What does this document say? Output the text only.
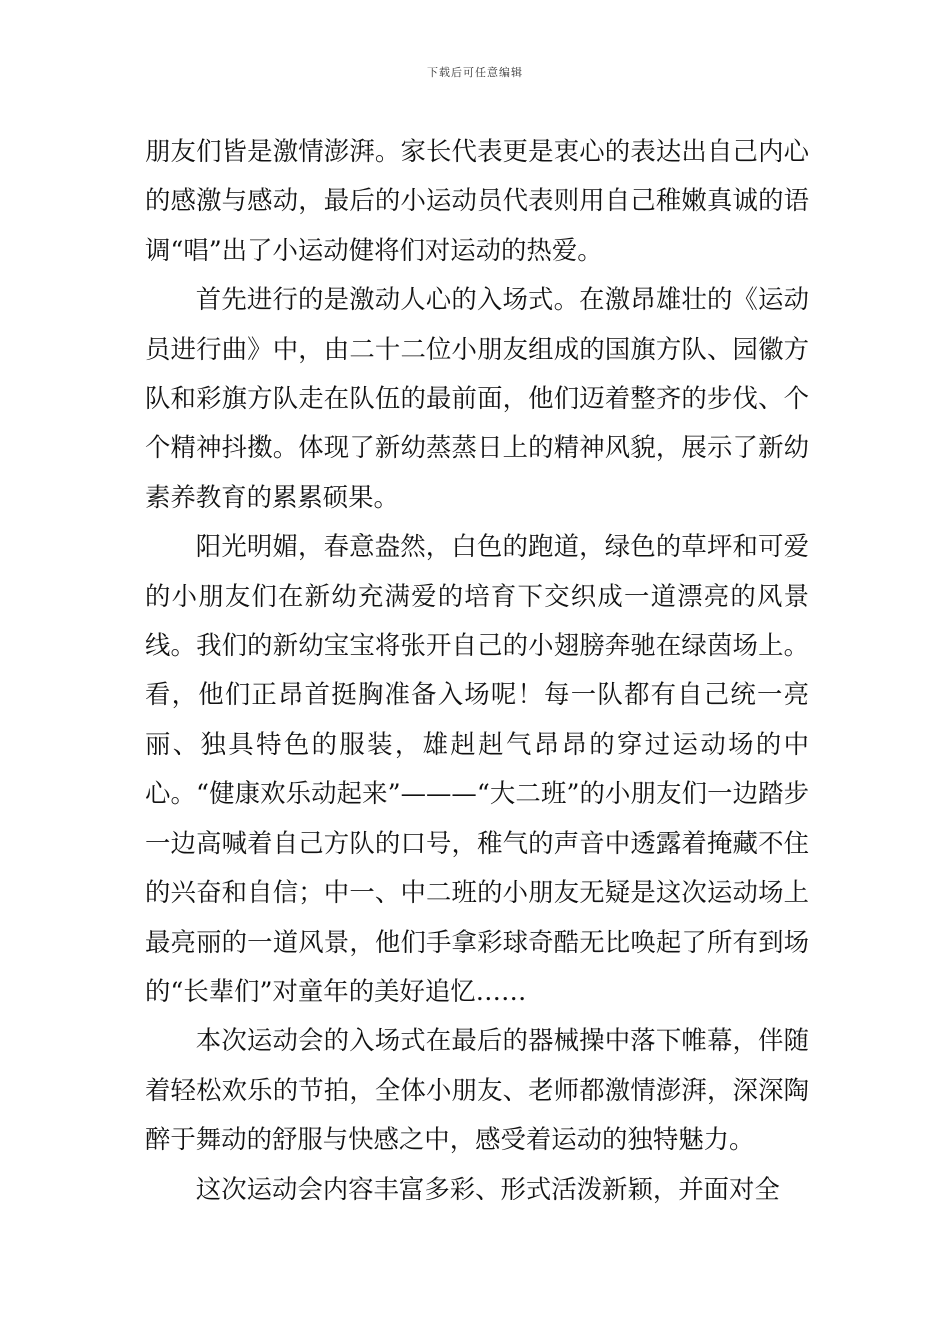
下载后可任意编辑

朋友们皆是激情澎湃。家长代表更是衷心的表达出自己内心的感激与感动，最后的小运动员代表则用自己稚嫩真诚的语调“唱”出了小运动健将们对运动的热爱。

首先进行的是激动人心的入场式。在激昂雄壮的《运动员进行曲》中，由二十二位小朋友组成的国旗方队、园徽方队和彩旗方队走在队伍的最前面，他们迈着整齐的步伐、个个精神抖擞。体现了新幼蒸蒸日上的精神风貌，展示了新幼素养教育的累累硕果。

阳光明媚，春意盎然，白色的跑道，绿色的草坪和可爱的小朋友们在新幼充满爱的培育下交织成一道漂亮的风景线。我们的新幼宝宝将张开自己的小翅膀奔驰在绿茵场上。看，他们正昂首挺胸准备入场呢！每一队都有自己统一亮丽、独具特色的服装，雄赳赳气昂昂的穿过运动场的中心。“健康欢乐动起来”———“大二班”的小朋友们一边踏步一边高喊着自己方队的口号，稚气的声音中透露着掩藏不住的兴奋和自信；中一、中二班的小朋友无疑是这次运动场上最亮丽的一道风景，他们手拿彩球奇酷无比唤起了所有到场的“长辈们”对童年的美好追忆……

本次运动会的入场式在最后的器械操中落下帷幕，伴随着轻松欢乐的节拍，全体小朋友、老师都激情澎湃，深深陶醉于舞动的舒服与快感之中，感受着运动的独特魅力。

这次运动会内容丰富多彩、形式活泼新颖，并面对全
